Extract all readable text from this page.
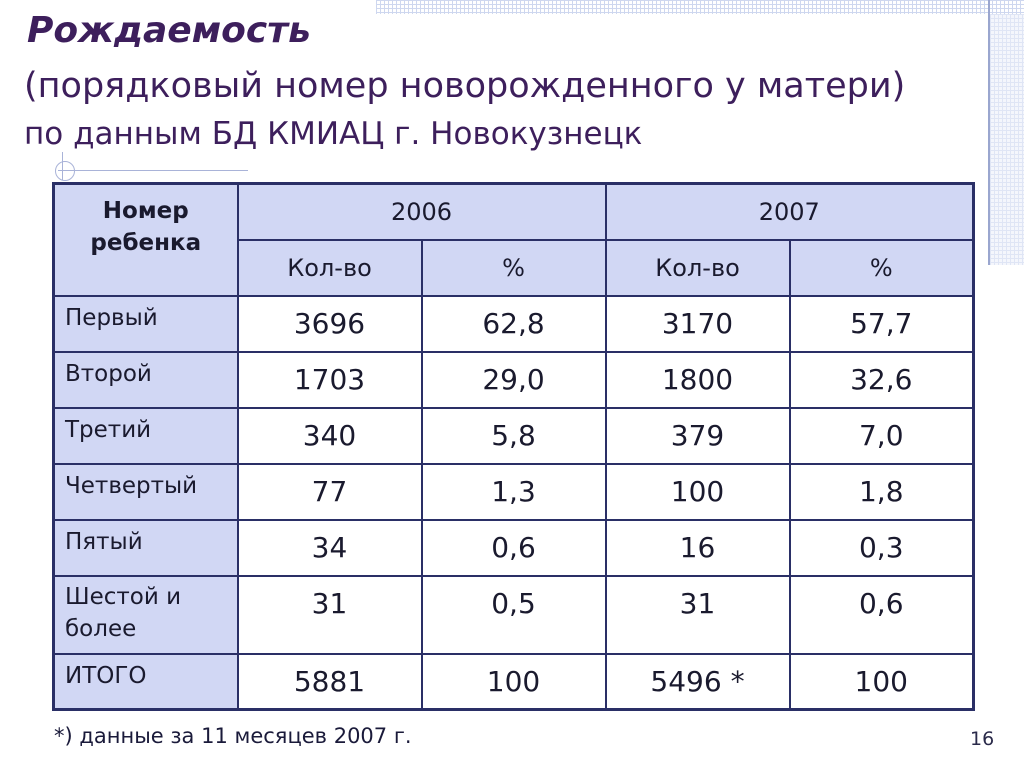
Рождаемость
(порядковый номер новорожденного у матери)
по данным БД КМИАЦ г. Новокузнецк
Номер ребенка	2006		2007	
	Кол-во	%	Кол-во	%
Первый	3696	62,8	3170	57,7
Второй	1703	29,0	1800	32,6
Третий	340	5,8	379	7,0
Четвертый	77	1,3	100	1,8
Пятый	34	0,6	16	0,3
Шестой и более	31	0,5	31	0,6
ИТОГО	5881	100	5496 *	100
*) данные за 11 месяцев 2007 г.	16
